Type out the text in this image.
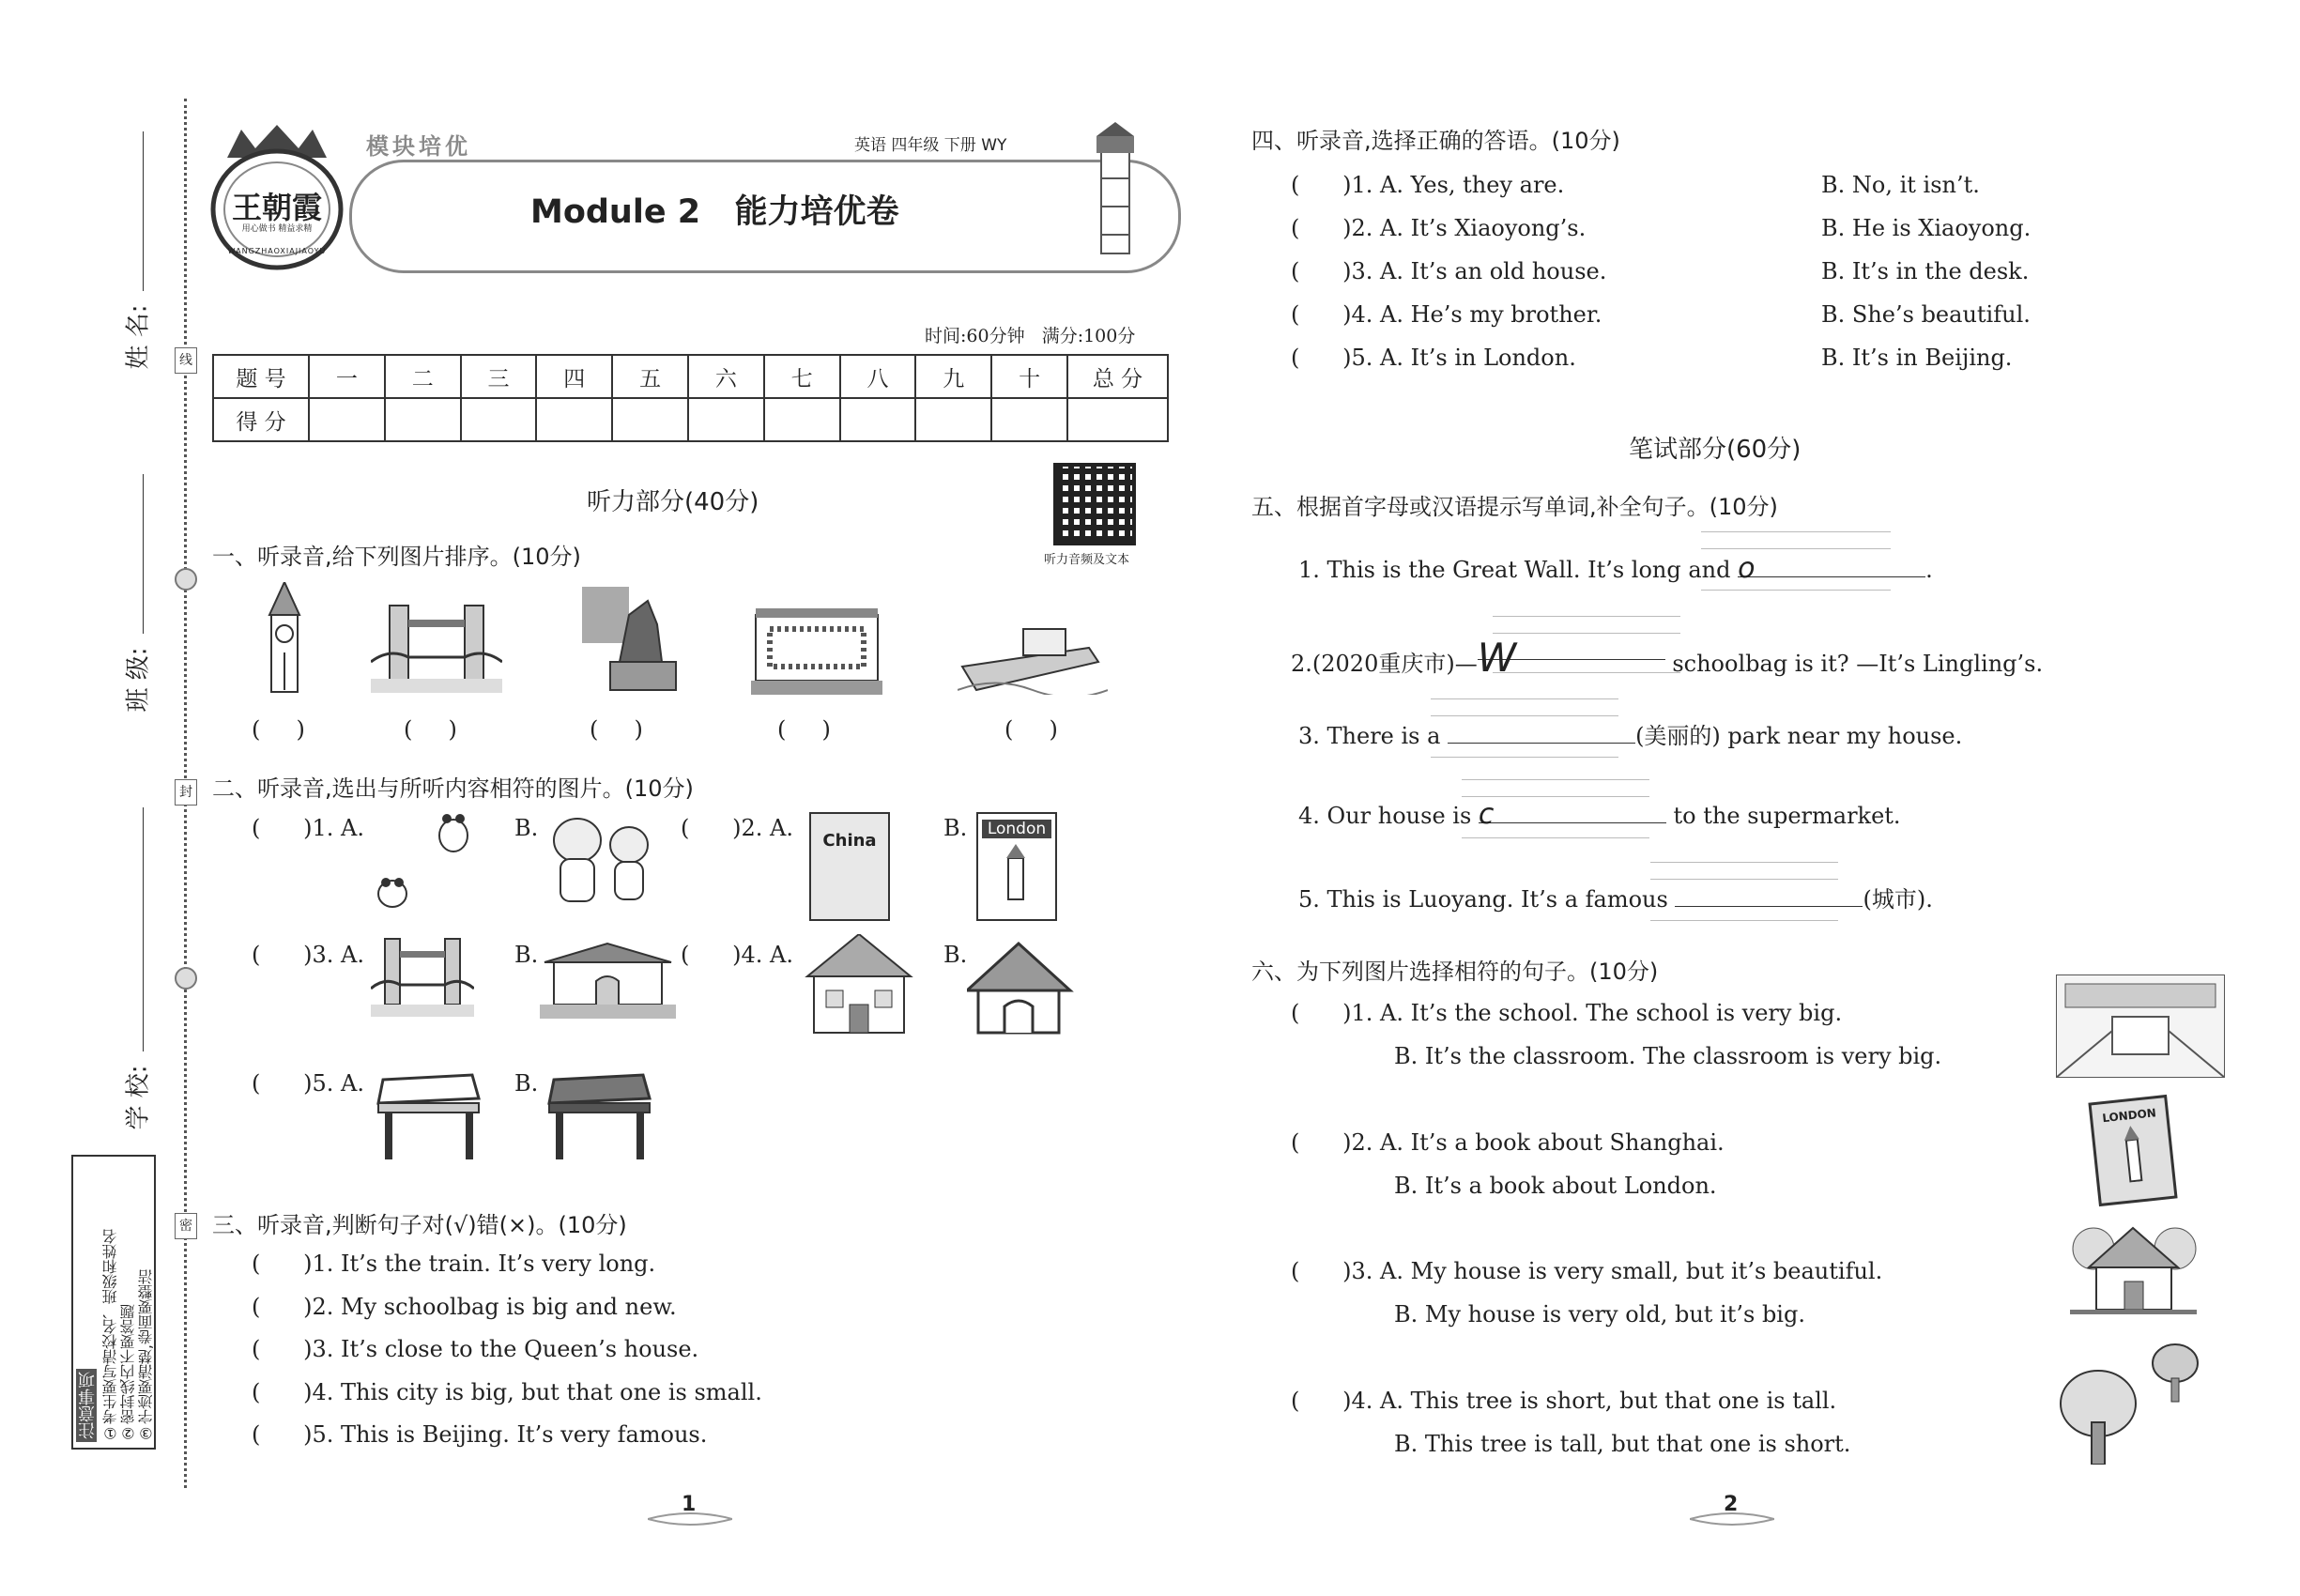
姓 名:
班 级:
学 校:
线
封
密
注意事项 ①考生要写清校名、班级和姓名 ②密封线内不要答题 ③字迹要清楚,卷面要整洁
王朝霞
用心做书 精益求精
WANGZHAOXIAJIAOYU
模块培优	英语 四年级 下册 WY
Module 2   能力培优卷
时间:60分钟   满分:100分
题 号	一	二	三	四	五	六	七	八	九	十	总 分
得 分											
听力部分(40分)
听力音频及文本
一、听录音,给下列图片排序。(10分)
(     )	(     )	(     )	(     )	(     )
二、听录音,选出与所听内容相符的图片。(10分)
(      )1. A.	B.	(      )2. A.	China	B.	London
(      )3. A.	B.	(      )4. A.	B.
(      )5. A.	B.
三、听录音,判断句子对(√)错(×)。(10分)
(      )1. It’s the train. It’s very long.
(      )2. My schoolbag is big and new.
(      )3. It’s close to the Queen’s house.
(      )4. This city is big, but that one is small.
(      )5. This is Beijing. It’s very famous.
1
四、听录音,选择正确的答语。(10分)
(      )1. A. Yes, they are.	B. No, it isn’t.
(      )2. A. It’s Xiaoyong’s.	B. He is Xiaoyong.
(      )3. A. It’s an old house.	B. It’s in the desk.
(      )4. A. He’s my brother.	B. She’s beautiful.
(      )5. A. It’s in London.	B. It’s in Beijing.
笔试部分(60分)
五、根据首字母或汉语提示写单词,补全句子。(10分)
1. This is the Great Wall. It’s long and o	.
2.(2020重庆市)—W	schoolbag is it? —It’s Lingling’s.
3. There is a	(美丽的) park near my house.
4. Our house is c	to the supermarket.
5. This is Luoyang. It’s a famous	(城市).
六、为下列图片选择相符的句子。(10分)
(      )1. A. It’s the school. The school is very big.
B. It’s the classroom. The classroom is very big.
(      )2. A. It’s a book about Shanghai.
B. It’s a book about London.
LONDON
(      )3. A. My house is very small, but it’s beautiful.
B. My house is very old, but it’s big.
(      )4. A. This tree is short, but that one is tall.
B. This tree is tall, but that one is short.
2
